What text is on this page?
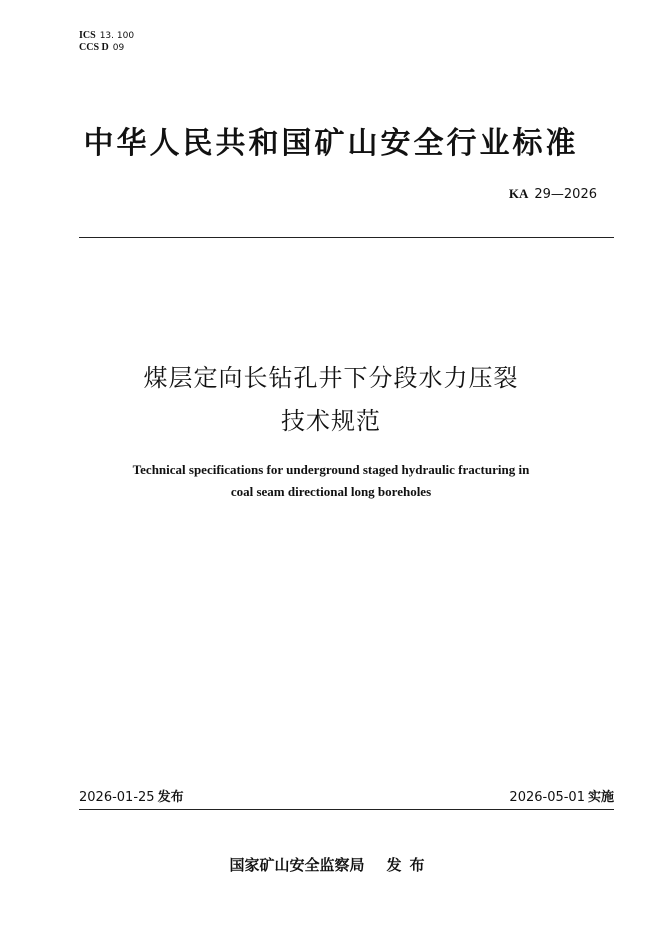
ICS 13. 100
CCS D 09
中华人民共和国矿山安全行业标准
KA 29—2026
煤层定向长钻孔井下分段水力压裂
技术规范
Technical specifications for underground staged hydraulic fracturing in
coal seam directional long boreholes
2026-01-25 发布	2026-05-01 实施
国家矿山安全监察局 发布
